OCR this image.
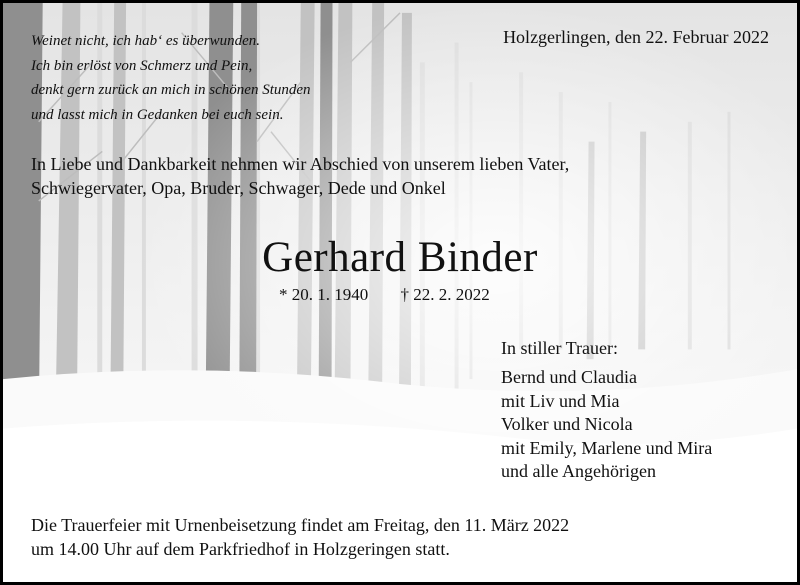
Weinet nicht, ich hab‘ es überwunden.
Ich bin erlöst von Schmerz und Pein,
denkt gern zurück an mich in schönen Stunden
und lasst mich in Gedanken bei euch sein.
Holzgerlingen, den 22. Februar 2022
In Liebe und Dankbarkeit nehmen wir Abschied von unserem lieben Vater,
Schwiegervater, Opa, Bruder, Schwager, Dede und Onkel
Gerhard Binder
* 20. 1. 1940 † 22. 2. 2022
In stiller Trauer:
Bernd und Claudia
mit Liv und Mia
Volker und Nicola
mit Emily, Marlene und Mira
und alle Angehörigen
Die Trauerfeier mit Urnenbeisetzung findet am Freitag, den 11. März 2022
um 14.00 Uhr auf dem Parkfriedhof in Holzgeringen statt.
